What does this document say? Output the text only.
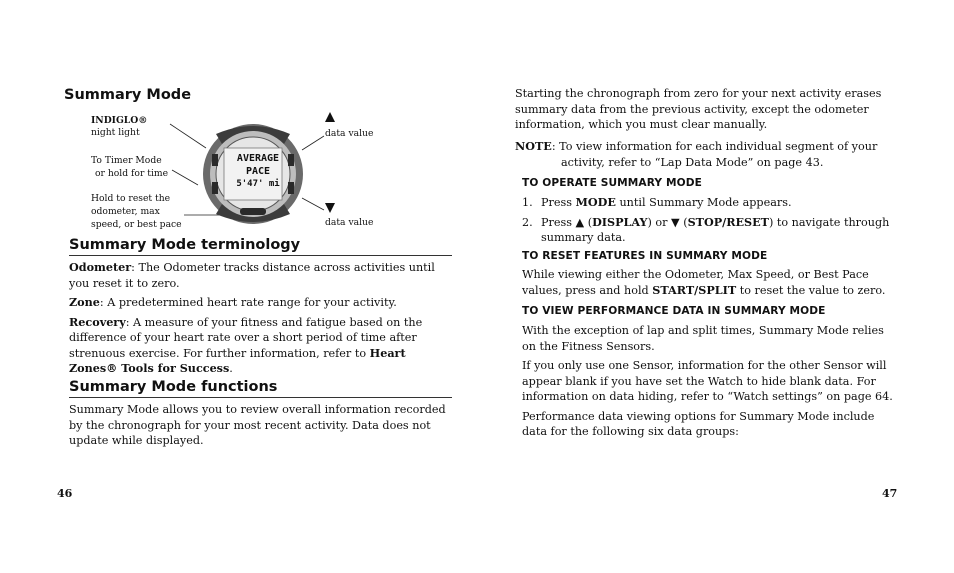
Summary Mode
INDIGLO®
night light
To Timer Mode
or hold for time
Hold to reset the
odometer, max
speed, or best pace
data value
data value
AVERAGE
PACE
5'47' mi
Summary Mode terminology

Odometer: The Odometer tracks distance across activities until you reset it to zero.

Zone: A predetermined heart rate range for your activity.

Recovery: A measure of your fitness and fatigue based on the difference of your heart rate over a short period of time after strenuous exercise. For further information, refer to Heart Zones® Tools for Success.

Summary Mode functions
Summary Mode allows you to review overall information recorded by the chronograph for your most recent activity. Data does not update while displayed.
46
Starting the chronograph from zero for your next activity erases summary data from the previous activity, except the odometer information, which you must clear manually.
NOTE: To view information for each individual segment of your activity, refer to “Lap Data Mode” on page 43.
TO OPERATE SUMMARY MODE
1. Press MODE until Summary Mode appears.
2. Press ▲ (DISPLAY) or ▼ (STOP/RESET) to navigate through summary data.
TO RESET FEATURES IN SUMMARY MODE
While viewing either the Odometer, Max Speed, or Best Pace values, press and hold START/SPLIT to reset the value to zero.
TO VIEW PERFORMANCE DATA IN SUMMARY MODE

With the exception of lap and split times, Summary Mode relies on the Fitness Sensors.

If you only use one Sensor, information for the other Sensor will appear blank if you have set the Watch to hide blank data. For information on data hiding, refer to “Watch settings” on page 64.

Performance data viewing options for Summary Mode include data for the following six data groups:

47
